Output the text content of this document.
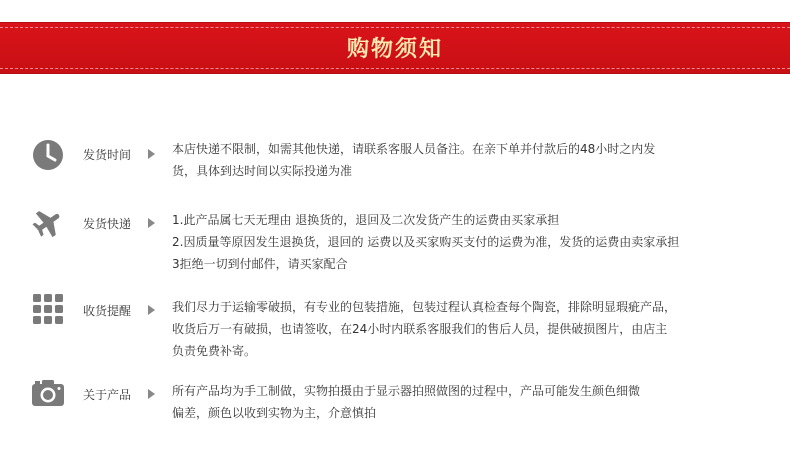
购物须知
发货时间	本店快递不限制，如需其他快递，请联系客服人员备注。在亲下单并付款后的48小时之内发

货，具体到达时间以实际投递为准

发货快递	1.此产品属七天无理由 退换货的，退回及二次发货产生的运费由买家承担

2.因质量等原因发生退换货，退回的 运费以及买家购买支付的运费为准，发货的运费由卖家承担

3拒绝一切到付邮件，请买家配合

收货提醒	我们尽力于运输零破损，有专业的包装措施，包装过程认真检查每个陶瓷，排除明显瑕疵产品，

收货后万一有破损，也请签收，在24小时内联系客服我们的售后人员，提供破损图片，由店主

负责免费补寄。

关于产品	所有产品均为手工制做，实物拍摄由于显示器拍照做图的过程中，产品可能发生颜色细微

偏差，颜色以收到实物为主，介意慎拍
